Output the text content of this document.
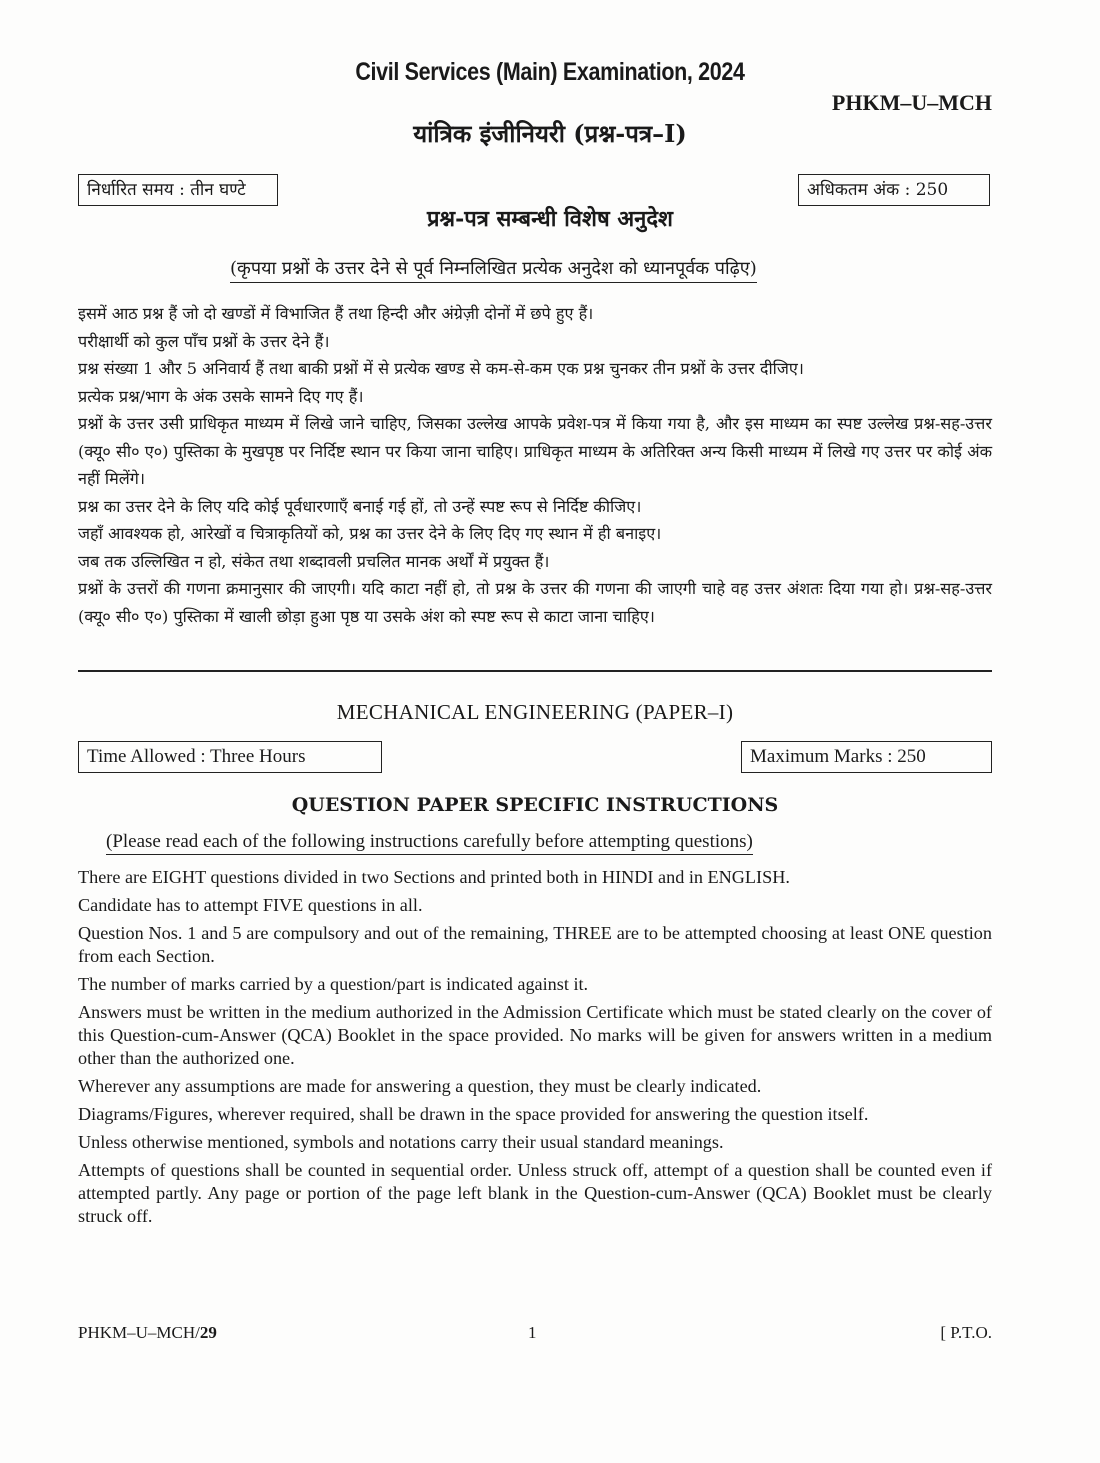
Civil Services (Main) Examination, 2024
PHKM–U–MCH
यांत्रिक इंजीनियरी (प्रश्न-पत्र–I)
निर्धारित समय : तीन घण्टे	अधिकतम अंक : 250
प्रश्न-पत्र सम्बन्धी विशेष अनुदेश
(कृपया प्रश्नों के उत्तर देने से पूर्व निम्नलिखित प्रत्येक अनुदेश को ध्यानपूर्वक पढ़िए)

इसमें आठ प्रश्न हैं जो दो खण्डों में विभाजित हैं तथा हिन्दी और अंग्रेज़ी दोनों में छपे हुए हैं।

परीक्षार्थी को कुल पाँच प्रश्नों के उत्तर देने हैं।

प्रश्न संख्या 1 और 5 अनिवार्य हैं तथा बाकी प्रश्नों में से प्रत्येक खण्ड से कम-से-कम एक प्रश्न चुनकर तीन प्रश्नों के उत्तर दीजिए।

प्रत्येक प्रश्न/भाग के अंक उसके सामने दिए गए हैं।

प्रश्नों के उत्तर उसी प्राधिकृत माध्यम में लिखे जाने चाहिए, जिसका उल्लेख आपके प्रवेश-पत्र में किया गया है, और इस माध्यम का स्पष्ट उल्लेख प्रश्न-सह-उत्तर (क्यू० सी० ए०) पुस्तिका के मुखपृष्ठ पर निर्दिष्ट स्थान पर किया जाना चाहिए। प्राधिकृत माध्यम के अतिरिक्त अन्य किसी माध्यम में लिखे गए उत्तर पर कोई अंक नहीं मिलेंगे।

प्रश्न का उत्तर देने के लिए यदि कोई पूर्वधारणाएँ बनाई गई हों, तो उन्हें स्पष्ट रूप से निर्दिष्ट कीजिए।

जहाँ आवश्यक हो, आरेखों व चित्राकृतियों को, प्रश्न का उत्तर देने के लिए दिए गए स्थान में ही बनाइए।

जब तक उल्लिखित न हो, संकेत तथा शब्दावली प्रचलित मानक अर्थों में प्रयुक्त हैं।

प्रश्नों के उत्तरों की गणना क्रमानुसार की जाएगी। यदि काटा नहीं हो, तो प्रश्न के उत्तर की गणना की जाएगी चाहे वह उत्तर अंशतः दिया गया हो। प्रश्न-सह-उत्तर (क्यू० सी० ए०) पुस्तिका में खाली छोड़ा हुआ पृष्ठ या उसके अंश को स्पष्ट रूप से काटा जाना चाहिए।

MECHANICAL ENGINEERING (PAPER–I)
Time Allowed : Three Hours	Maximum Marks : 250
QUESTION PAPER SPECIFIC INSTRUCTIONS
(Please read each of the following instructions carefully before attempting questions)

There are EIGHT questions divided in two Sections and printed both in HINDI and in ENGLISH.

Candidate has to attempt FIVE questions in all.

Question Nos. 1 and 5 are compulsory and out of the remaining, THREE are to be attempted choosing at least ONE question from each Section.

The number of marks carried by a question/part is indicated against it.

Answers must be written in the medium authorized in the Admission Certificate which must be stated clearly on the cover of this Question-cum-Answer (QCA) Booklet in the space provided. No marks will be given for answers written in a medium other than the authorized one.

Wherever any assumptions are made for answering a question, they must be clearly indicated.

Diagrams/Figures, wherever required, shall be drawn in the space provided for answering the question itself.

Unless otherwise mentioned, symbols and notations carry their usual standard meanings.

Attempts of questions shall be counted in sequential order. Unless struck off, attempt of a question shall be counted even if attempted partly. Any page or portion of the page left blank in the Question-cum-Answer (QCA) Booklet must be clearly struck off.

PHKM–U–MCH/29	1	[ P.T.O.
